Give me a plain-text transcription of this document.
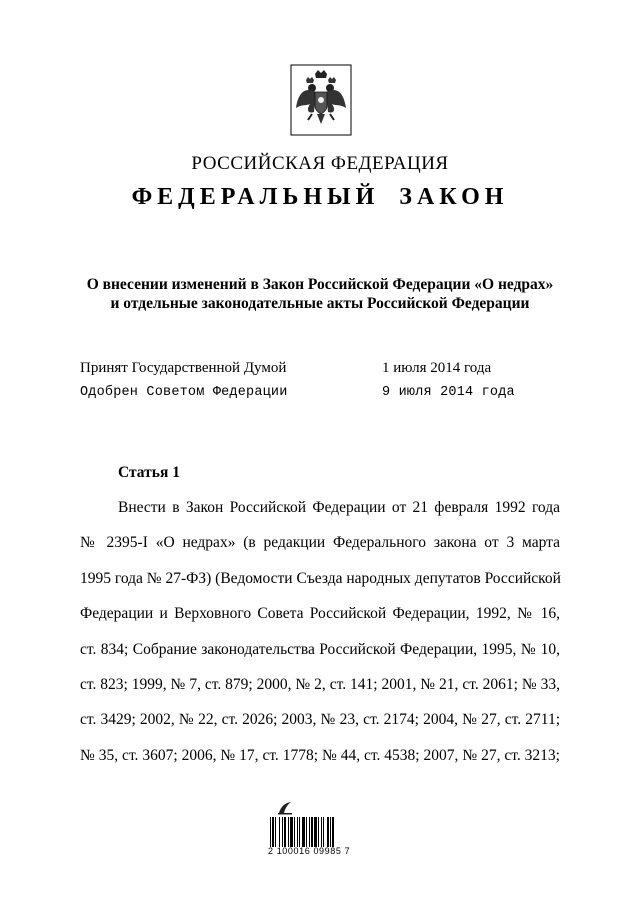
РОССИЙСКАЯ ФЕДЕРАЦИЯ
ФЕДЕРАЛЬНЫЙ ЗАКОН
О внесении изменений в Закон Российской Федерации «О недрах»
и отдельные законодательные акты Российской Федерации
Принят Государственной Думой	1 июля 2014 года
Одобрен Советом Федерации	9 июля 2014 года
Статья 1
Внести в Закон Российской Федерации от 21 февраля 1992 года
№ 2395-I «О недрах» (в редакции Федерального закона от 3 марта
1995 года № 27-ФЗ) (Ведомости Съезда народных депутатов Российской
Федерации и Верховного Совета Российской Федерации, 1992, № 16,
ст. 834; Собрание законодательства Российской Федерации, 1995, № 10,
ст. 823; 1999, № 7, ст. 879; 2000, № 2, ст. 141; 2001, № 21, ст. 2061; № 33,
ст. 3429; 2002, № 22, ст. 2026; 2003, № 23, ст. 2174; 2004, № 27, ст. 2711;
№ 35, ст. 3607; 2006, № 17, ст. 1778; № 44, ст. 4538; 2007, № 27, ст. 3213;
2 100016 09985 7
